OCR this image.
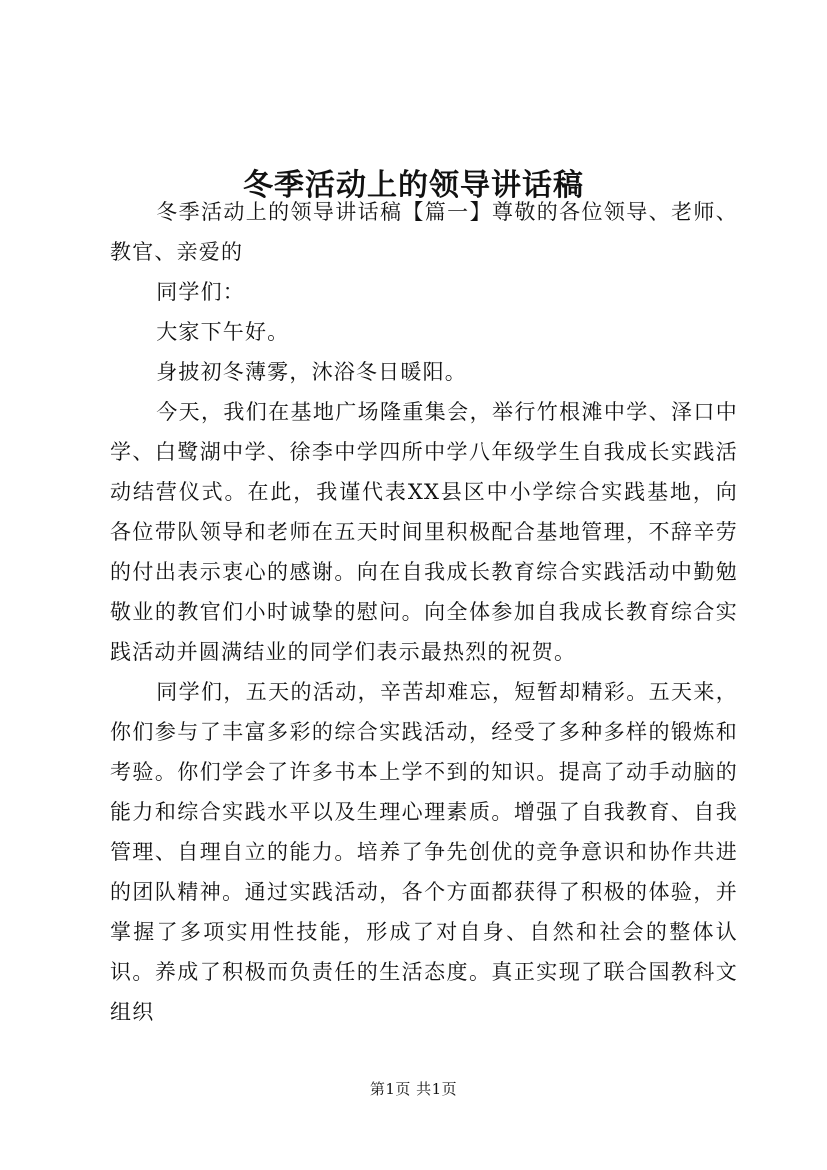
冬季活动上的领导讲话稿

冬季活动上的领导讲话稿【篇一】尊敬的各位领导、老师、教官、亲爱的

同学们：

大家下午好。

身披初冬薄雾，沐浴冬日暖阳。

今天，我们在基地广场隆重集会，举行竹根滩中学、泽口中学、白鹭湖中学、徐李中学四所中学八年级学生自我成长实践活动结营仪式。在此，我谨代表XX县区中小学综合实践基地，向各位带队领导和老师在五天时间里积极配合基地管理，不辞辛劳的付出表示衷心的感谢。向在自我成长教育综合实践活动中勤勉敬业的教官们小时诚挚的慰问。向全体参加自我成长教育综合实践活动并圆满结业的同学们表示最热烈的祝贺。

同学们，五天的活动，辛苦却难忘，短暂却精彩。五天来，你们参与了丰富多彩的综合实践活动，经受了多种多样的锻炼和考验。你们学会了许多书本上学不到的知识。提高了动手动脑的能力和综合实践水平以及生理心理素质。增强了自我教育、自我管理、自理自立的能力。培养了争先创优的竞争意识和协作共进的团队精神。通过实践活动，各个方面都获得了积极的体验，并掌握了多项实用性技能，形成了对自身、自然和社会的整体认识。养成了积极而负责任的生活态度。真正实现了联合国教科文组织

第1页 共1页
